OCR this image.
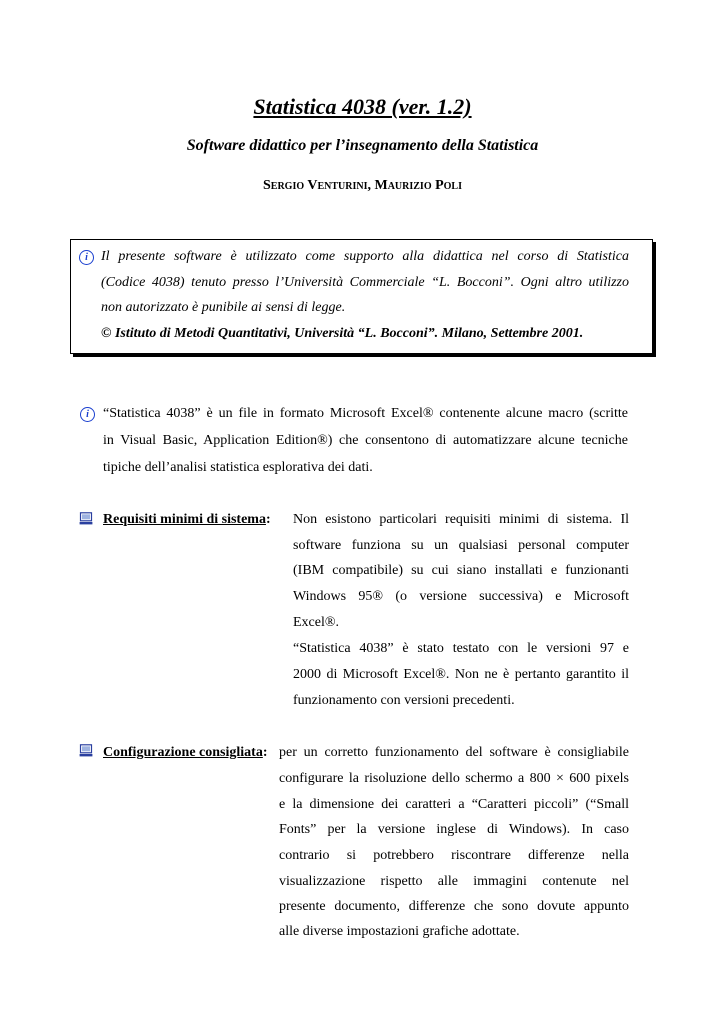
Statistica 4038 (ver. 1.2)
Software didattico per l’insegnamento della Statistica
Sergio Venturini, Maurizio Poli
i Il presente software è utilizzato come supporto alla didattica nel corso di Statistica
(Codice 4038) tenuto presso l’Università Commerciale “L. Bocconi”. Ogni altro utilizzo
non autorizzato è punibile ai sensi di legge.
© Istituto di Metodi Quantitativi, Università “L. Bocconi”. Milano, Settembre 2001.
i	“Statistica 4038” è un file in formato Microsoft Excel® contenente alcune macro (scritte
in Visual Basic, Application Edition®) che consentono di automatizzare alcune tecniche
tipiche dell’analisi statistica esplorativa dei dati.
Requisiti minimi di sistema:	Non esistono particolari requisiti minimi di sistema. Il
software funziona su un qualsiasi personal computer
(IBM compatibile) su cui siano installati e funzionanti
Windows 95® (o versione successiva) e Microsoft
Excel®.
“Statistica 4038” è stato testato con le versioni 97 e
2000 di Microsoft Excel®. Non ne è pertanto garantito il
funzionamento con versioni precedenti.
Configurazione consigliata: per un corretto funzionamento del software è consigliabile
configurare la risoluzione dello schermo a 800 × 600 pixels
e la dimensione dei caratteri a “Caratteri piccoli” (“Small
Fonts” per la versione inglese di Windows). In caso
contrario si potrebbero riscontrare differenze nella
visualizzazione rispetto alle immagini contenute nel
presente documento, differenze che sono dovute appunto
alle diverse impostazioni grafiche adottate.
